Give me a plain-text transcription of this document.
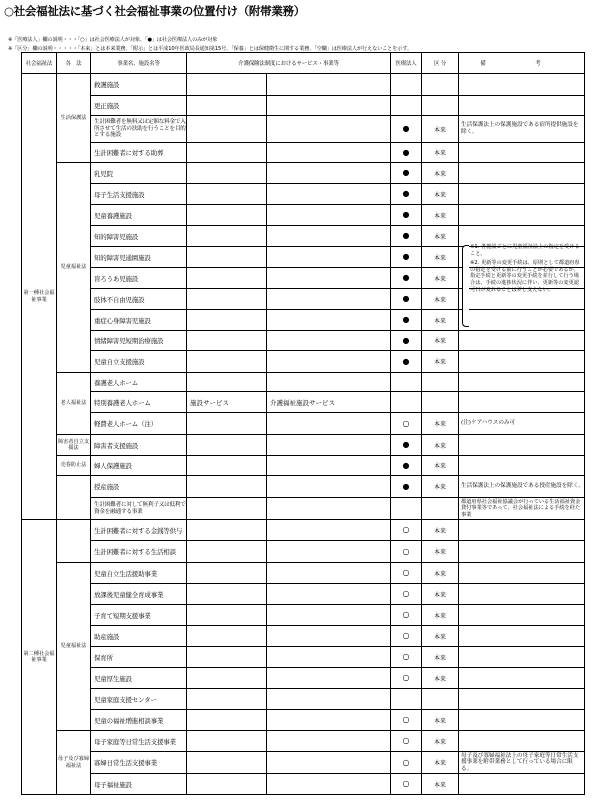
○社会福祉法に基づく社会福祉事業の位置付け（附帯業務）
※「医療法人」欄の説明・・・「○」は社会医療法人が対象、「●」は社会医療法人のみが対象
※「区分」欄の説明・・・・・「本来」とは本来業務、「附示」とは平成10年医政局長通知第15号、「保養」とは保健衛生に関する業務、「空欄」は医療法人が行えないことを示す。
社会福祉法	各　法	事業名、施設名等	介護保険法制度におけるサービス・事業等		医療法人	区 分	備　考
第一種社会福祉事業	生活保護法	救護施設					
		更正施設					
		生計困難者を無料又は定額な料金で入所させて生活の扶助を行うことを目的とする施設			●	本来	生活保護法上の保護施設である宿所提供施設を除く。
		生計困難者に対する助葬			●	本来	
	児童福祉法	乳児院			●	本来	
		母子生活支援施設			●	本来	
		児童養護施設			●	本来	
		知的障害児施設			●	本来	
		知的障害児通園施設			●	本来	
		盲ろうあ児施設			●	本来	
		肢体不自由児施設			●	本来	
		重症心身障害児施設			●	本来	
		情緒障害児短期治療施設			●	本来	
		児童自立支援施設			●	本来	
	老人福祉法	養護老人ホーム					
		特別養護老人ホーム	施設サービス	介護福祉施設サービス			
		軽費老人ホーム（注）			○	本来	(注)ケアハウスのみ可
	障害者自立支援法	障害者支援施設			●	本来	
	売春防止法	婦人保護施設			●	本来	
		授産施設			●	本来	生活保護法上の保護施設である授産施設を除く。
		生計困難者に対して無利子又は低利で資金を融通する事業					都道府県社会福祉協議会が行っている生活福祉資金貸付事業等であって、社会福祉法による手続を経た事業
第二種社会福祉事業		生計困難者に対する金銭等供与			○	本来	
		生計困難者に対する生活相談			○	本来	
	児童福祉法	児童自立生活援助事業			○	本来	
		放課後児童健全育成事業			○	本来	
		子育て短期支援事業			○	本来	
		助産施設			○	本来	
		保育所			○	本来	
		児童厚生施設			○	本来	
		児童家庭支援センター					
		児童の福祉増進相談事業			○	本来	
	母子及び寡婦福祉法	母子家庭等日常生活支援事業			○	本来	
		寡婦日常生活支援事業			○	本来	母子及び寡婦福祉法上の母子家庭等日常生活支援事業を附帯業務として行っている場合に限る。
		母子福祉施設			○	本来	

※1. 各施設ごとに児童福祉法上の指定を受けること。

※2. 更新等の変更手続は、原則として都道府県の指定を受ける前に行うことが必要であるが、指定手続と更新等の変更手続を並行して行う場合は、手続の進捗状況に伴い、更新等の変更認可日が変れることは差し支えない。
